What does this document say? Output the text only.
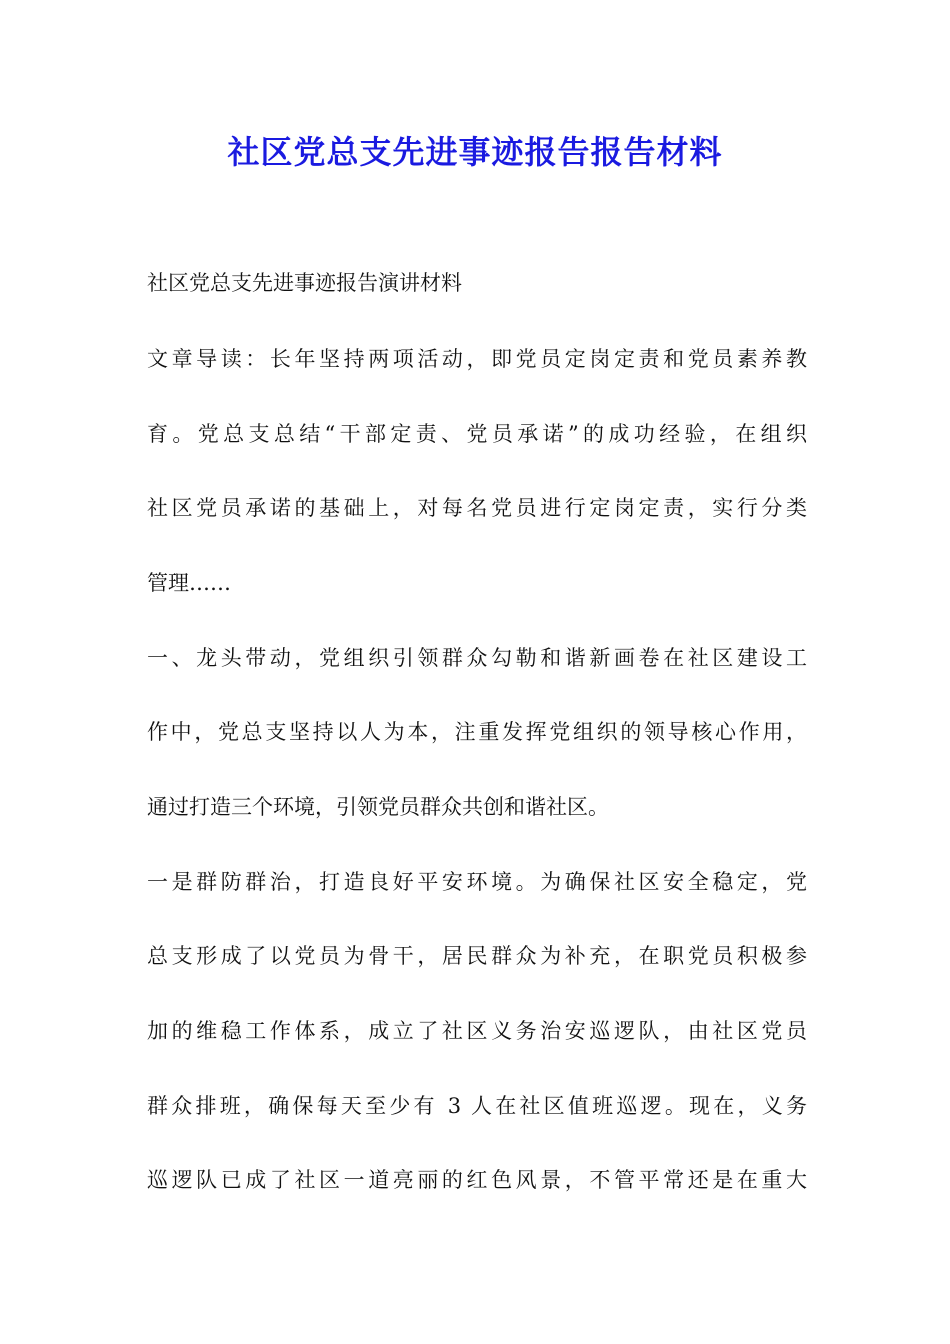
社区党总支先进事迹报告报告材料
社区党总支先进事迹报告演讲材料
文章导读：长年坚持两项活动，即党员定岗定责和党员素养教
育。党总支总结“干部定责、党员承诺”的成功经验，在组织
社区党员承诺的基础上，对每名党员进行定岗定责，实行分类
管理……
一、龙头带动，党组织引领群众勾勒和谐新画卷在社区建设工
作中，党总支坚持以人为本，注重发挥党组织的领导核心作用，
通过打造三个环境，引领党员群众共创和谐社区。
一是群防群治，打造良好平安环境。为确保社区安全稳定，党
总支形成了以党员为骨干，居民群众为补充，在职党员积极参
加的维稳工作体系，成立了社区义务治安巡逻队，由社区党员
群众排班，确保每天至少有 3 人在社区值班巡逻。现在，义务
巡逻队已成了社区一道亮丽的红色风景，不管平常还是在重大
